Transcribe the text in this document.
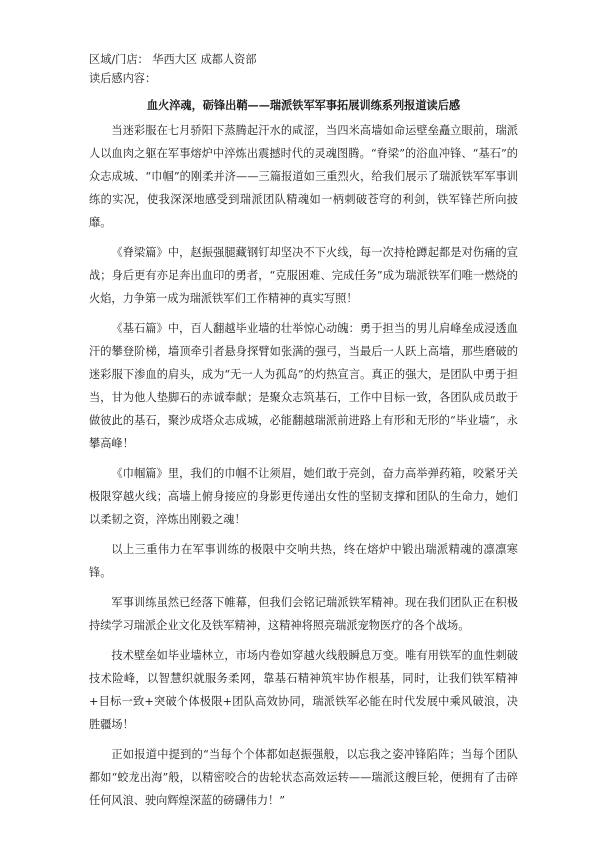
区域/门店： 华西大区 成都人资部
读后感内容：
血火淬魂，砺锋出鞘——瑞派铁军军事拓展训练系列报道读后感

当迷彩服在七月骄阳下蒸腾起汗水的咸涩，当四米高墙如命运壁垒矗立眼前，瑞派人以血肉之躯在军事熔炉中淬炼出震撼时代的灵魂图腾。“脊梁”的浴血冲锋、“基石”的众志成城、“巾帼”的刚柔并济——三篇报道如三重烈火，给我们展示了瑞派铁军军事训练的实况，使我深深地感受到瑞派团队精魂如一柄刺破苍穹的利剑，铁军锋芒所向披靡。

《脊梁篇》中，赵振强腿藏钢钉却坚决不下火线，每一次持枪蹲起都是对伤痛的宣战；身后更有亦足奔出血印的勇者，“克服困难、完成任务”成为瑞派铁军们唯一燃烧的火焰，力争第一成为瑞派铁军们工作精神的真实写照！

《基石篇》中，百人翻越毕业墙的壮举惊心动魄：勇于担当的男儿肩峰垒成浸透血汗的攀登阶梯，墙顶牵引者悬身探臂如张满的强弓，当最后一人跃上高墙，那些磨破的迷彩服下渗血的肩头，成为“无一人为孤岛”的灼热宣言。真正的强大，是团队中勇于担当，甘为他人垫脚石的赤诚奉献；是聚众志筑基石，工作中目标一致，各团队成员敢于做彼此的基石，聚沙成塔众志成城，必能翻越瑞派前进路上有形和无形的“毕业墙”，永攀高峰！

《巾帼篇》里，我们的巾帼不让须眉，她们敢于亮剑，奋力高举弹药箱，咬紧牙关极限穿越火线；高墙上俯身接应的身影更传递出女性的坚韧支撑和团队的生命力，她们以柔韧之资，淬炼出刚毅之魂！

以上三重伟力在军事训练的极限中交响共热，终在熔炉中锻出瑞派精魂的凛凛寒锋。

军事训练虽然已经落下帷幕，但我们会铭记瑞派铁军精神。现在我们团队正在积极持续学习瑞派企业文化及铁军精神，这精神将照亮瑞派宠物医疗的各个战场。

技术壁垒如毕业墙林立，市场内卷如穿越火线般瞬息万变。唯有用铁军的血性刺破技术险峰，以智慧织就服务柔网，靠基石精神筑牢协作根基，同时，让我们铁军精神+目标一致+突破个体极限+团队高效协同，瑞派铁军必能在时代发展中乘风破浪，决胜疆场！

正如报道中提到的“当每个个体都如赵振强般，以忘我之姿冲锋陷阵；当每个团队都如“蛟龙出海”般，以精密咬合的齿轮状态高效运转——瑞派这艘巨轮，便拥有了击碎任何风浪、驶向辉煌深蓝的磅礴伟力！”
